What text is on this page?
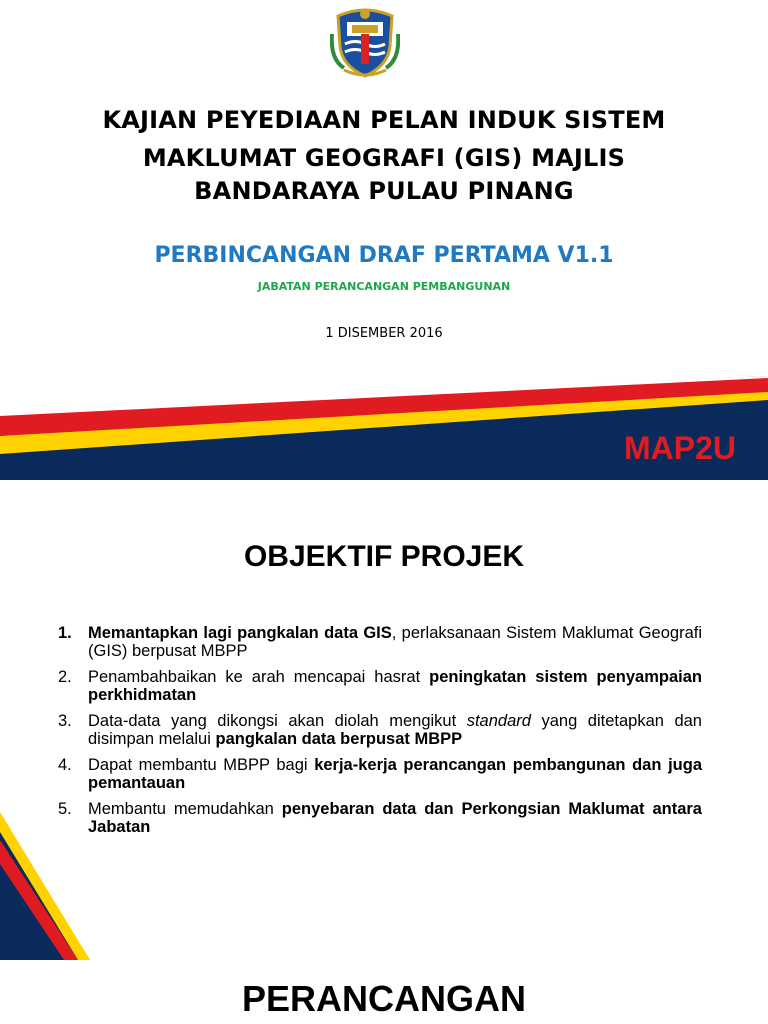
KAJIAN PEYEDIAAN PELAN INDUK SISTEM
MAKLUMAT GEOGRAFI (GIS) MAJLIS
BANDARAYA PULAU PINANG
PERBINCANGAN DRAF PERTAMA V1.1
JABATAN PERANCANGAN PEMBANGUNAN
1 DISEMBER 2016
MAP2U
OBJEKTIF PROJEK
1. Memantapkan lagi pangkalan data GIS, perlaksanaan Sistem Maklumat Geografi (GIS) berpusat MBPP
2. Penambahbaikan ke arah mencapai hasrat peningkatan sistem penyampaian perkhidmatan
3. Data-data yang dikongsi akan diolah mengikut standard yang ditetapkan dan disimpan melalui pangkalan data berpusat MBPP
4. Dapat membantu MBPP bagi kerja-kerja perancangan pembangunan dan juga pemantauan
5. Membantu memudahkan penyebaran data dan Perkongsian Maklumat antara Jabatan
PERANCANGAN
